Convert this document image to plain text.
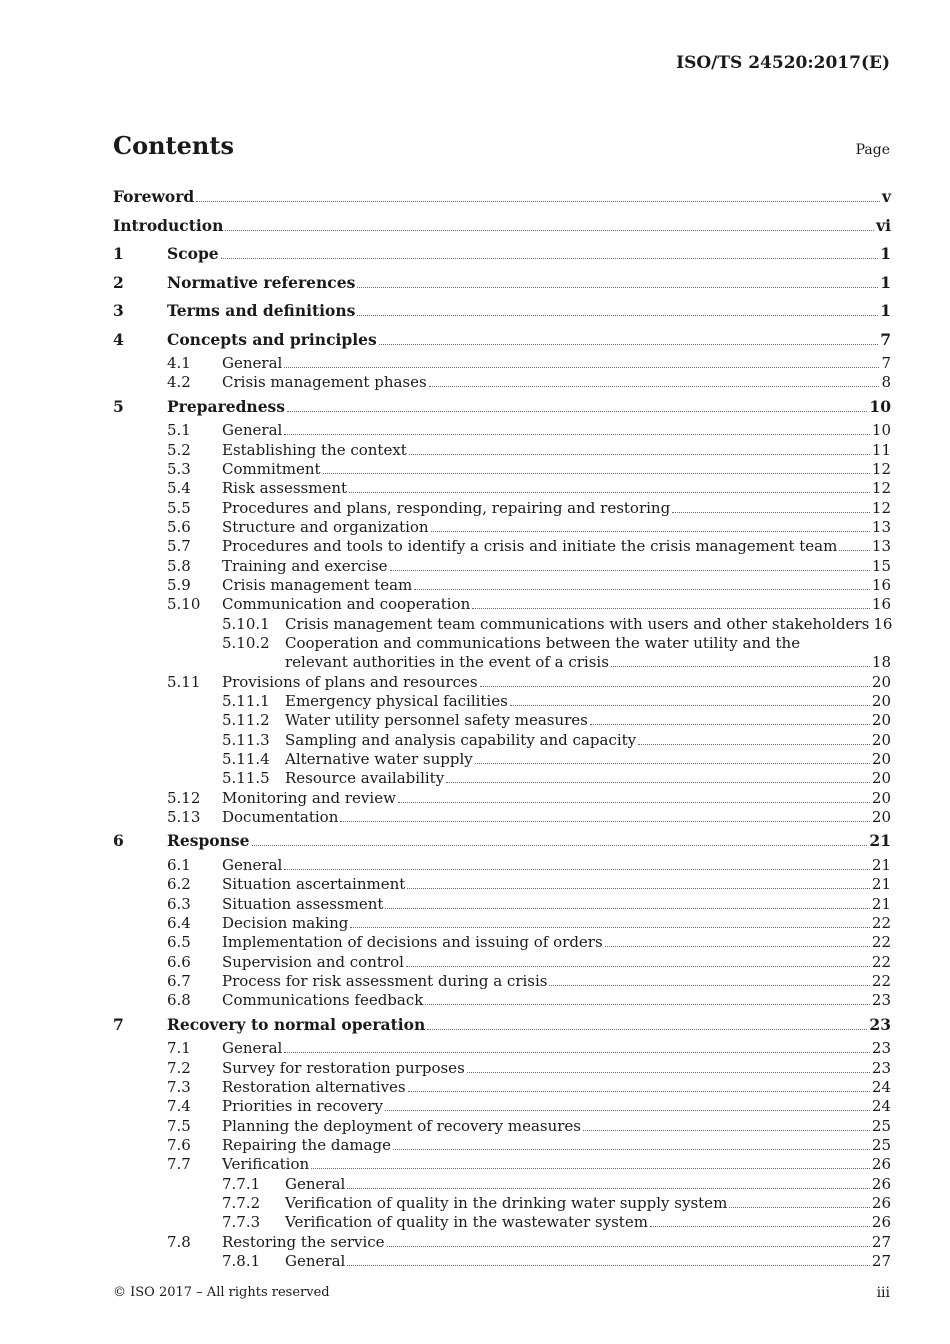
ISO/TS 24520:2017(E)
Contents	Page
Foreword	v
Introduction	vi
1	Scope	1
2	Normative references	1
3	Terms and definitions	1
4	Concepts and principles	7
4.1 General	7
4.2 Crisis management phases	8
5	Preparedness	10
5.1 General	10
5.2 Establishing the context	11
5.3 Commitment	12
5.4 Risk assessment	12
5.5 Procedures and plans, responding, repairing and restoring	12
5.6 Structure and organization	13
5.7 Procedures and tools to identify a crisis and initiate the crisis management team 13
5.8 Training and exercise	15
5.9 Crisis management team	16
5.10 Communication and cooperation	16
5.10.1 Crisis management team communications with users and other stakeholders 16
5.10.2 Cooperation and communications between the water utility and the
relevant authorities in the event of a crisis	18
5.11 Provisions of plans and resources	20
5.11.1 Emergency physical facilities	20
5.11.2 Water utility personnel safety measures	20
5.11.3 Sampling and analysis capability and capacity	20
5.11.4 Alternative water supply	20
5.11.5 Resource availability	20
5.12 Monitoring and review	20
5.13 Documentation	20
6	Response	21
6.1 General	21
6.2 Situation ascertainment	21
6.3 Situation assessment	21
6.4 Decision making	22
6.5 Implementation of decisions and issuing of orders	22
6.6 Supervision and control	22
6.7 Process for risk assessment during a crisis	22
6.8 Communications feedback	23
7	Recovery to normal operation	23
7.1 General	23
7.2 Survey for restoration purposes	23
7.3 Restoration alternatives	24
7.4 Priorities in recovery	24
7.5 Planning the deployment of recovery measures	25
7.6 Repairing the damage	25
7.7 Verification	26
7.7.1 General	26
7.7.2 Verification of quality in the drinking water supply system	26
7.7.3 Verification of quality in the wastewater system	26
7.8 Restoring the service	27
7.8.1 General	27
© ISO 2017 – All rights reserved	iii
